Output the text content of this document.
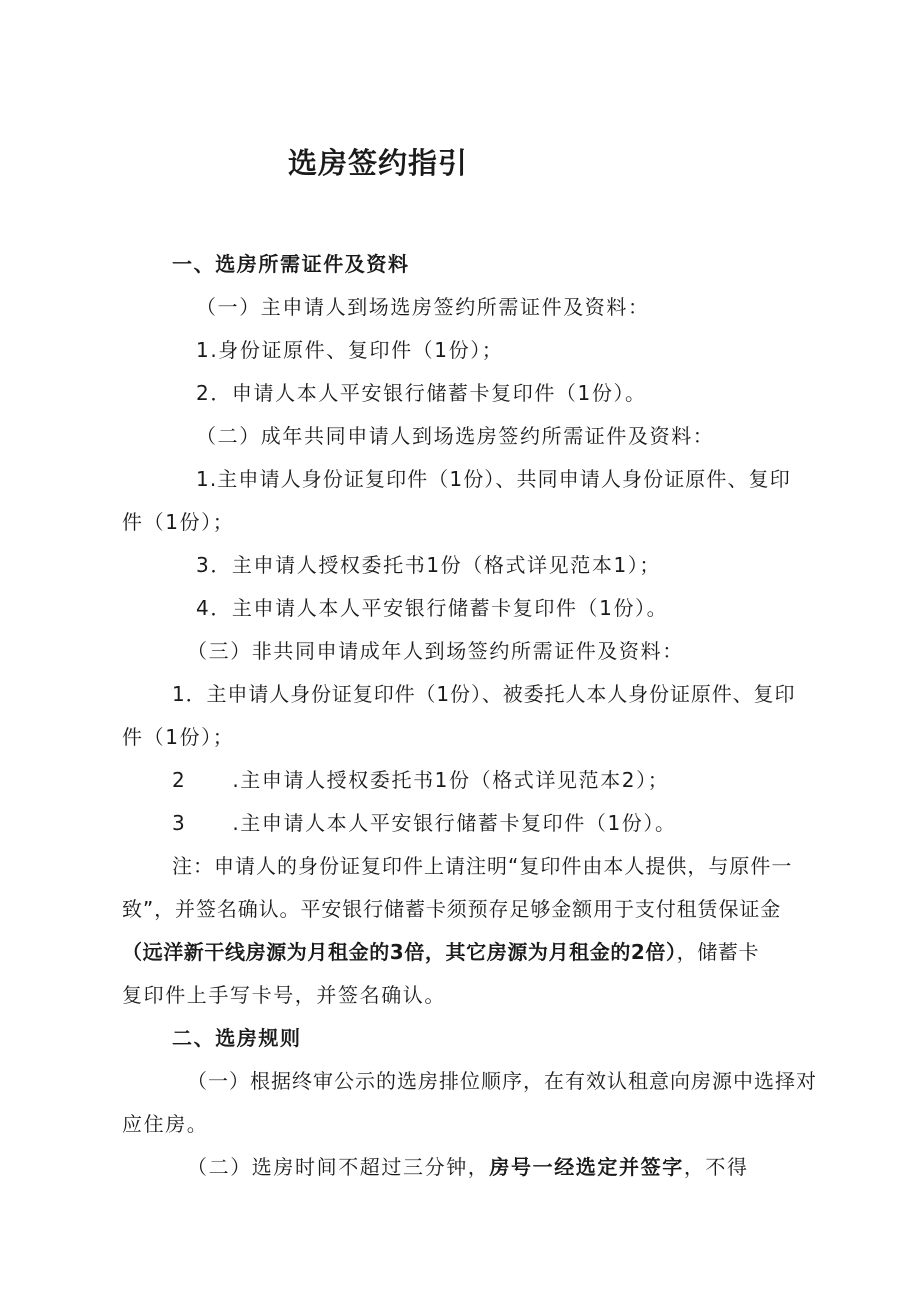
选房签约指引

一、选房所需证件及资料

（一）主申请人到场选房签约所需证件及资料：

1.身份证原件、复印件（1份）；

2．申请人本人平安银行储蓄卡复印件（1份）。

（二）成年共同申请人到场选房签约所需证件及资料：

1.主申请人身份证复印件（1份）、共同申请人身份证原件、复印

件（1份）；

3．主申请人授权委托书1份（格式详见范本1）；

4．主申请人本人平安银行储蓄卡复印件（1份）。

（三）非共同申请成年人到场签约所需证件及资料：

1．主申请人身份证复印件（1份）、被委托人本人身份证原件、复印

件（1份）；

2 .主申请人授权委托书1份（格式详见范本2）；

3 .主申请人本人平安银行储蓄卡复印件（1份）。

注：申请人的身份证复印件上请注明“复印件由本人提供，与原件一

致”，并签名确认。平安银行储蓄卡须预存足够金额用于支付租赁保证金

（远洋新干线房源为月租金的3倍，其它房源为月租金的2倍），储蓄卡

复印件上手写卡号，并签名确认。

二、选房规则

（一）根据终审公示的选房排位顺序，在有效认租意向房源中选择对

应住房。

（二）选房时间不超过三分钟，房号一经选定并签字，不得
